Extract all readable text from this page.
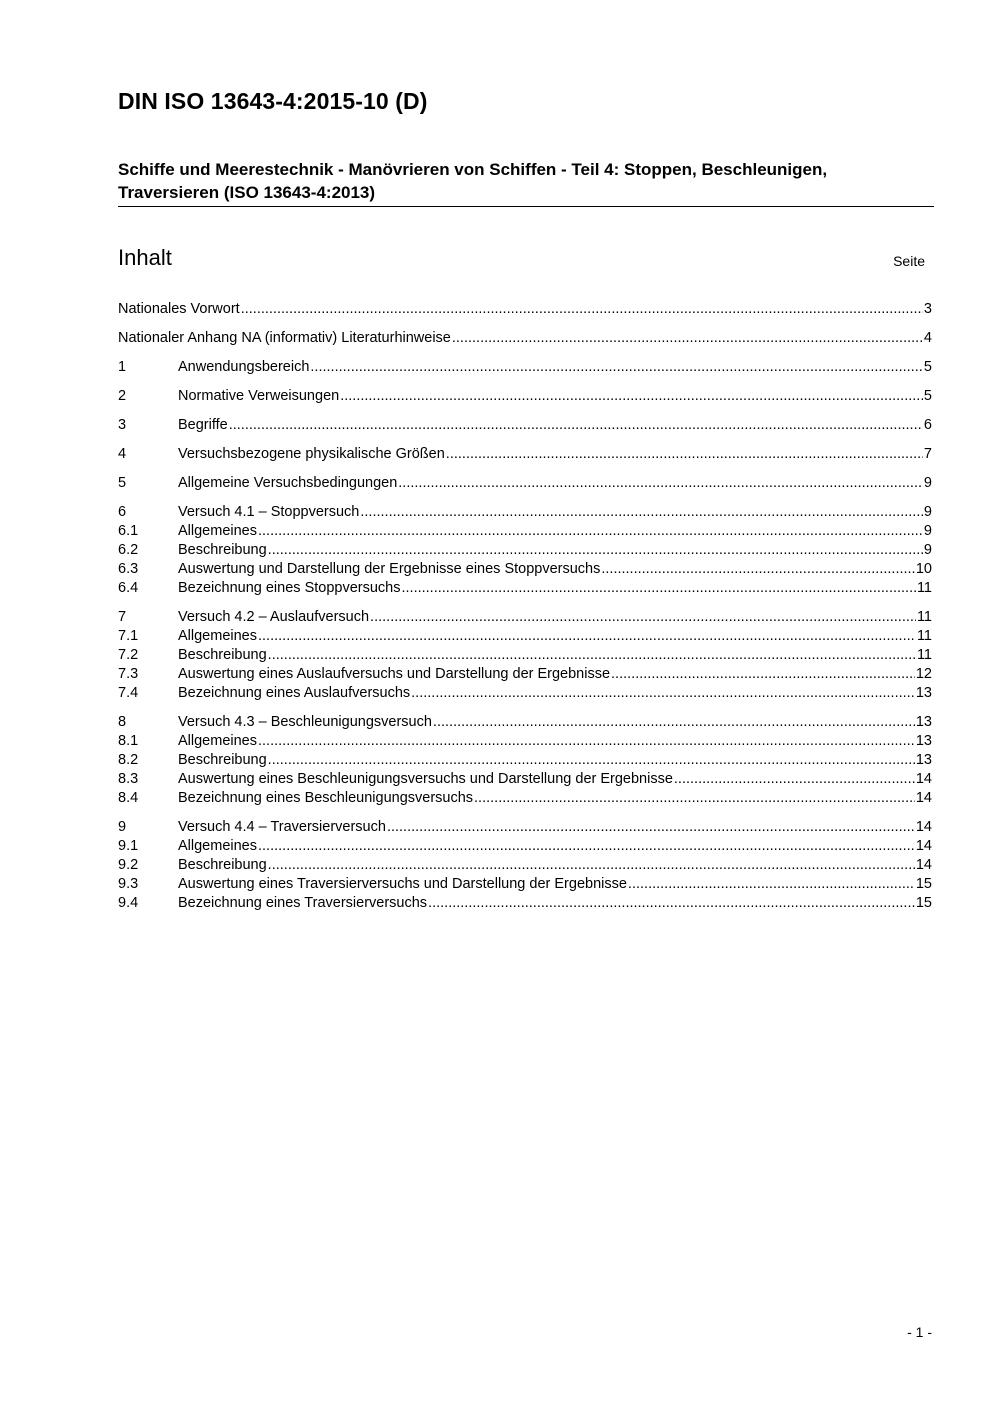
DIN ISO 13643-4:2015-10 (D)
Schiffe und Meerestechnik - Manövrieren von Schiffen - Teil 4: Stoppen, Beschleunigen, Traversieren (ISO 13643-4:2013)
Inhalt	Seite
Nationales Vorwort .....	3
Nationaler Anhang NA (informativ) Literaturhinweise .....	4
1	Anwendungsbereich .....	5
2	Normative Verweisungen .....	5
3	Begriffe .....	6
4	Versuchsbezogene physikalische Größen .....	7
5	Allgemeine Versuchsbedingungen .....	9
6	Versuch 4.1 – Stoppversuch .....	9
6.1	Allgemeines .....	9
6.2	Beschreibung .....	9
6.3	Auswertung und Darstellung der Ergebnisse eines Stoppversuchs .....	10
6.4	Bezeichnung eines Stoppversuchs .....	11
7	Versuch 4.2 – Auslaufversuch .....	11
7.1	Allgemeines .....	11
7.2	Beschreibung .....	11
7.3	Auswertung eines Auslaufversuchs und Darstellung der Ergebnisse .....	12
7.4	Bezeichnung eines Auslaufversuchs .....	13
8	Versuch 4.3 – Beschleunigungsversuch .....	13
8.1	Allgemeines .....	13
8.2	Beschreibung .....	13
8.3	Auswertung eines Beschleunigungsversuchs und Darstellung der Ergebnisse .....	14
8.4	Bezeichnung eines Beschleunigungsversuchs .....	14
9	Versuch 4.4 – Traversierversuch .....	14
9.1	Allgemeines .....	14
9.2	Beschreibung .....	14
9.3	Auswertung eines Traversierversuchs und Darstellung der Ergebnisse .....	15
9.4	Bezeichnung eines Traversierversuchs .....	15
- 1 -
